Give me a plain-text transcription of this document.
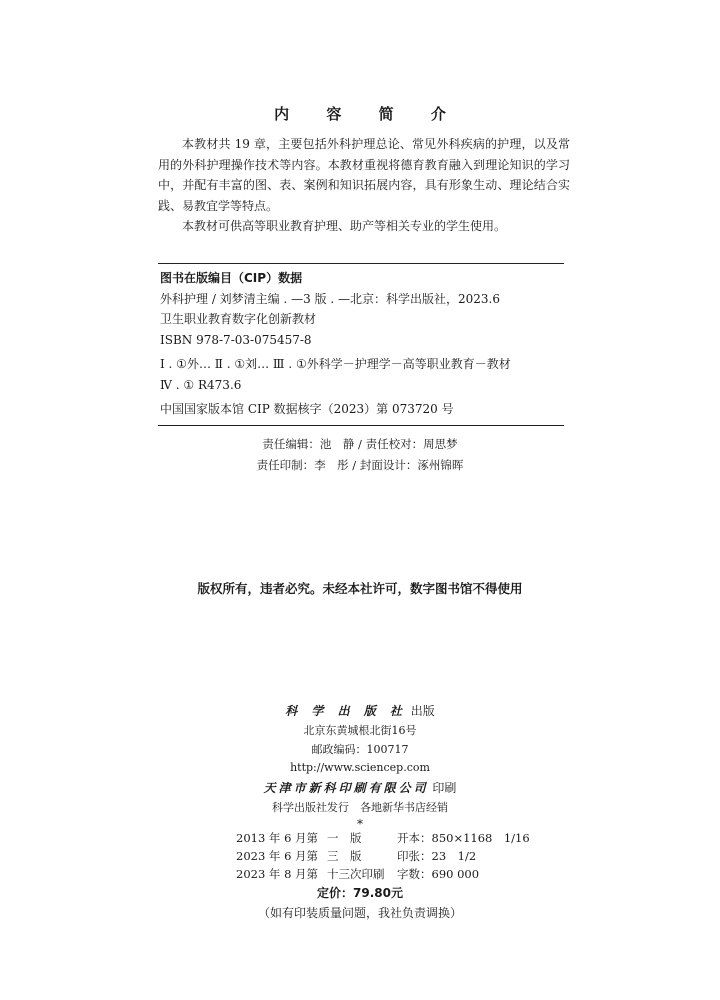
内 容 简 介

本教材共 19 章，主要包括外科护理总论、常见外科疾病的护理，以及常用的外科护理操作技术等内容。本教材重视将德育教育融入到理论知识的学习中，并配有丰富的图、表、案例和知识拓展内容，具有形象生动、理论结合实践、易教宜学等特点。

本教材可供高等职业教育护理、助产等相关专业的学生使用。

图书在版编目（CIP）数据
外科护理 / 刘梦清主编 . —3 版 . —北京：科学出版社，2023.6
卫生职业教育数字化创新教材
ISBN 978-7-03-075457-8
Ⅰ . ①外… Ⅱ . ①刘… Ⅲ . ①外科学－护理学－高等职业教育－教材
Ⅳ . ① R473.6
中国国家版本馆 CIP 数据核字（2023）第 073720 号
责任编辑：池　静 / 责任校对：周思梦
责任印制：李　彤 / 封面设计：涿州锦晖
版权所有，违者必究。未经本社许可，数字图书馆不得使用
科 学 出 版 社 出版
北京东黄城根北街16号
邮政编码：100717
http://www.sciencep.com
天津市新科印刷有限公司 印刷
科学出版社发行　各地新华书店经销
*
2013 年 6 月第 一　版	开本：850×1168　1/16
2023 年 6 月第 三　版	印张：23　1/2
2023 年 8 月第 十三次印刷 字数：690 000
定价：79.80元
（如有印装质量问题，我社负责调换）
